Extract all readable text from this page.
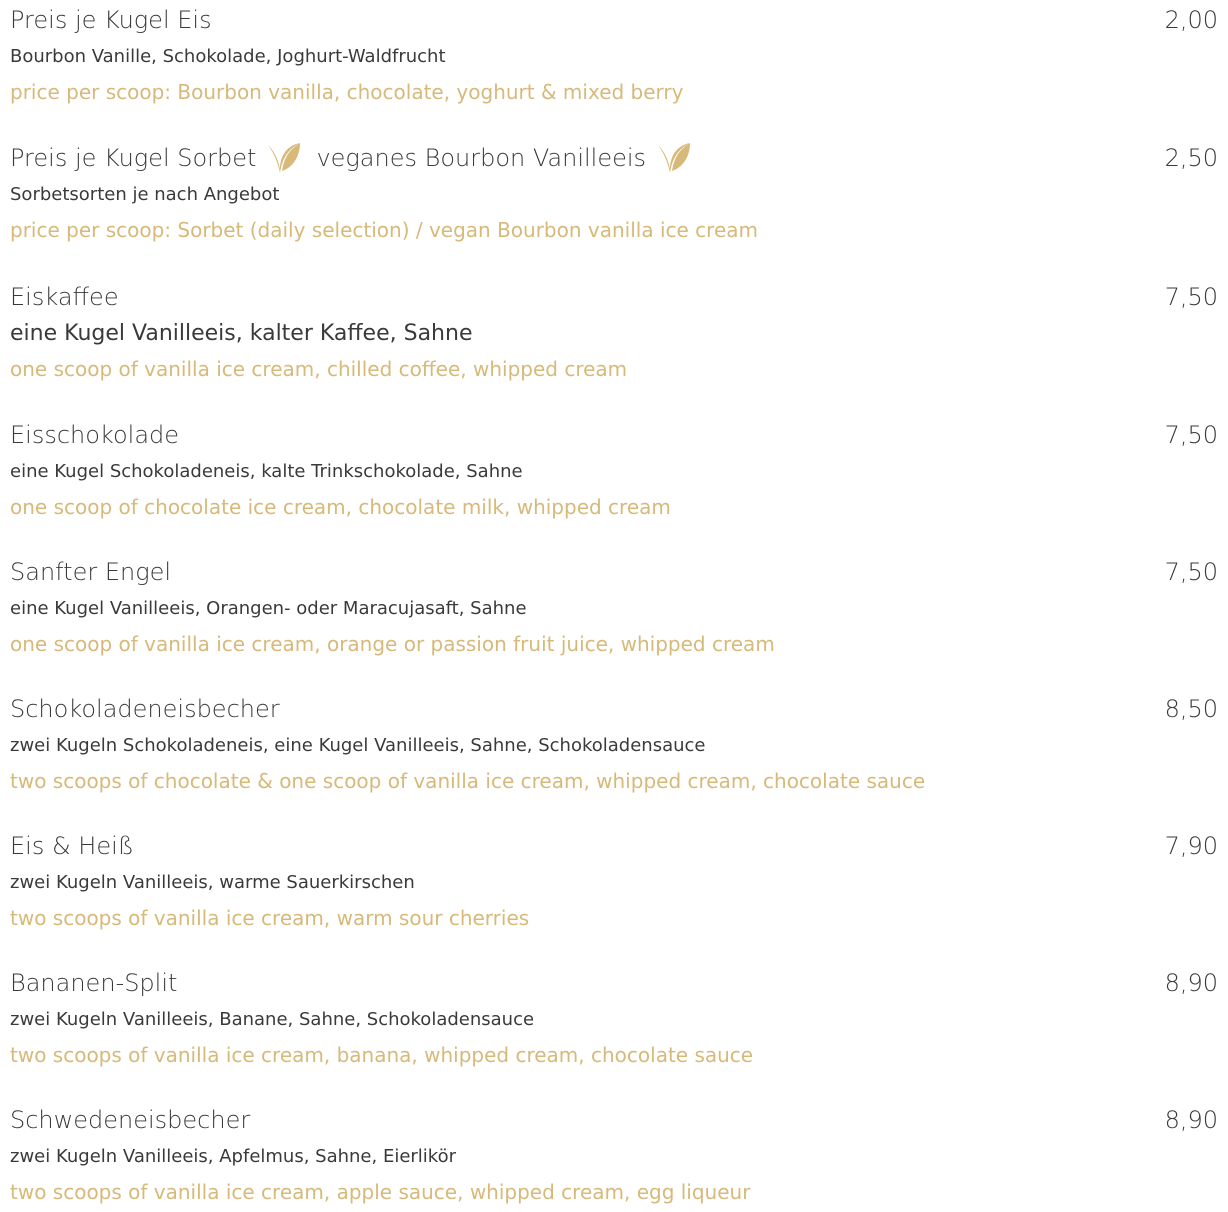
Preis je Kugel Eis	2,00
Bourbon Vanille, Schokolade, Joghurt-Waldfrucht
price per scoop: Bourbon vanilla, chocolate, yoghurt & mixed berry
Preis je Kugel Sorbet	veganes Bourbon Vanilleeis	2,50
Sorbetsorten je nach Angebot
price per scoop: Sorbet (daily selection) / vegan Bourbon vanilla ice cream
Eiskaffee	7,50
eine Kugel Vanilleeis, kalter Kaffee, Sahne
one scoop of vanilla ice cream, chilled coffee, whipped cream
Eisschokolade	7,50
eine Kugel Schokoladeneis, kalte Trinkschokolade, Sahne
one scoop of chocolate ice cream, chocolate milk, whipped cream
Sanfter Engel	7,50
eine Kugel Vanilleeis, Orangen- oder Maracujasaft, Sahne
one scoop of vanilla ice cream, orange or passion fruit juice, whipped cream
Schokoladeneisbecher	8,50
zwei Kugeln Schokoladeneis, eine Kugel Vanilleeis, Sahne, Schokoladensauce
two scoops of chocolate & one scoop of vanilla ice cream, whipped cream, chocolate sauce
Eis & Heiß	7,90
zwei Kugeln Vanilleeis, warme Sauerkirschen
two scoops of vanilla ice cream, warm sour cherries
Bananen-Split	8,90
zwei Kugeln Vanilleeis, Banane, Sahne, Schokoladensauce
two scoops of vanilla ice cream, banana, whipped cream, chocolate sauce
Schwedeneisbecher	8,90
zwei Kugeln Vanilleeis, Apfelmus, Sahne, Eierlikör
two scoops of vanilla ice cream, apple sauce, whipped cream, egg liqueur
